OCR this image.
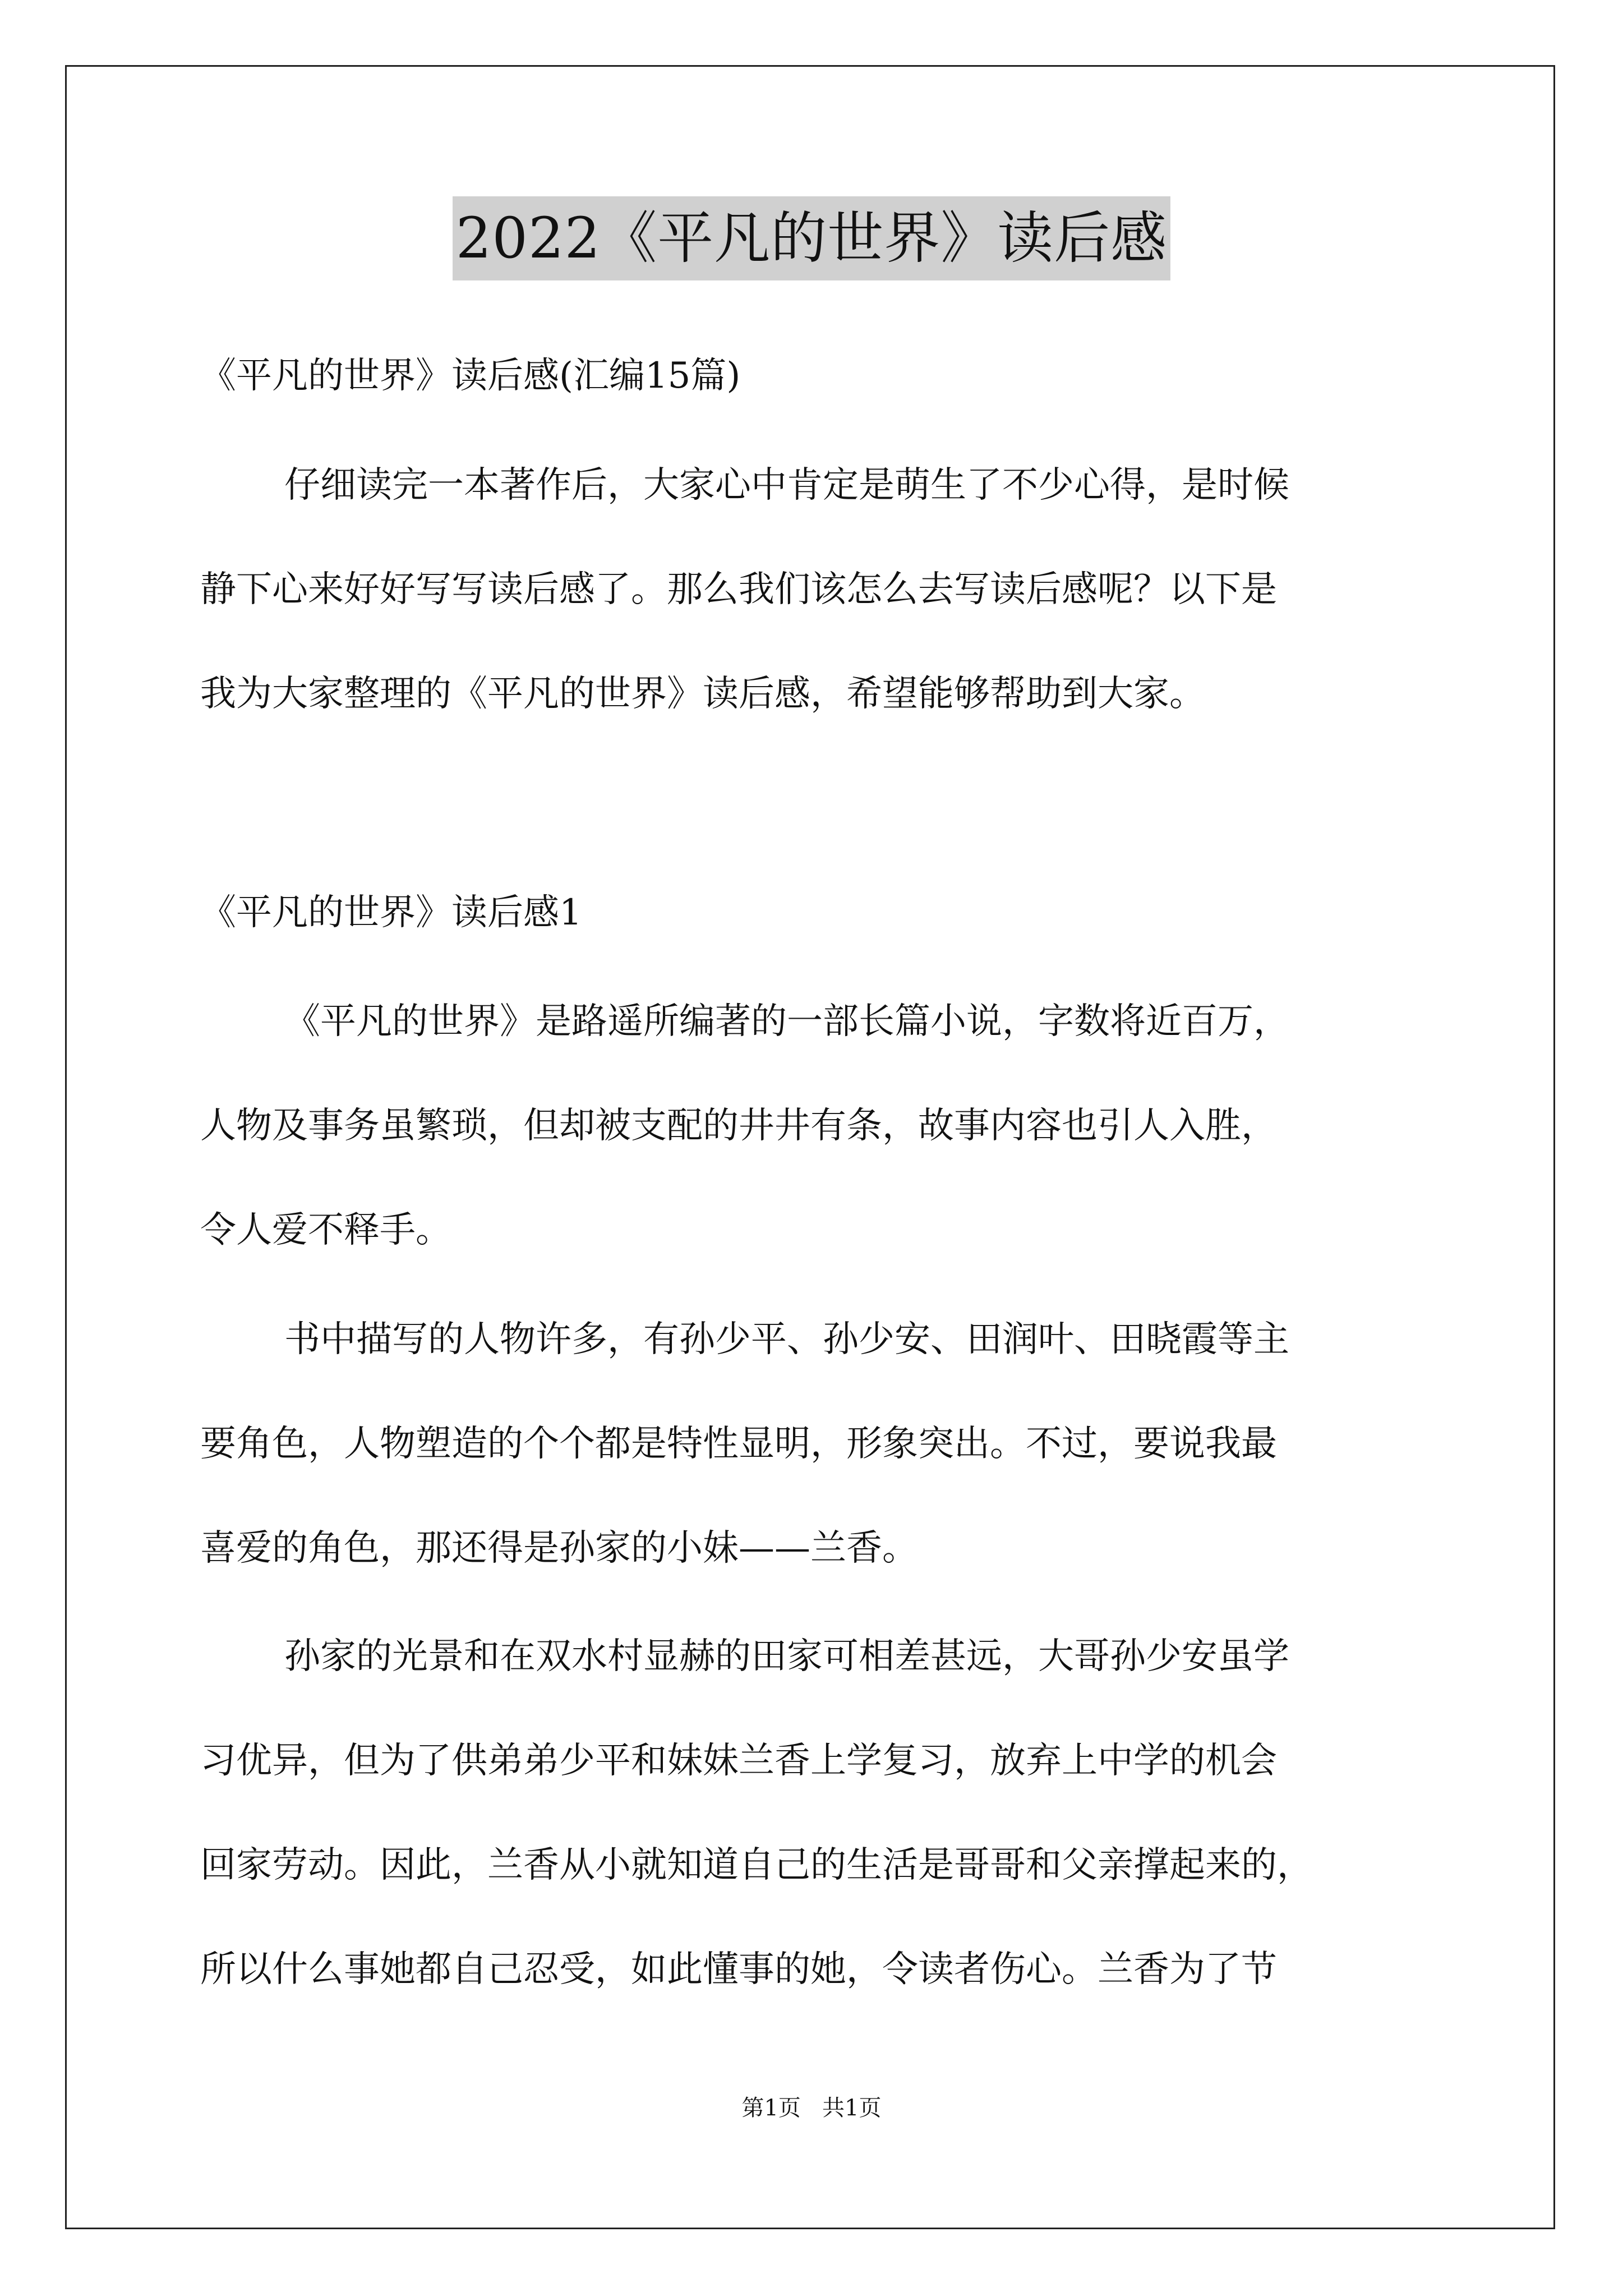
2022《平凡的世界》读后感

《平凡的世界》读后感(汇编15篇)

仔细读完一本著作后，大家心中肯定是萌生了不少心得，是时候

静下心来好好写写读后感了。那么我们该怎么去写读后感呢？以下是

我为大家整理的《平凡的世界》读后感，希望能够帮助到大家。

《平凡的世界》读后感1

《平凡的世界》是路遥所编著的一部长篇小说，字数将近百万，

人物及事务虽繁琐，但却被支配的井井有条，故事内容也引人入胜，

令人爱不释手。

书中描写的人物许多，有孙少平、孙少安、田润叶、田晓霞等主

要角色，人物塑造的个个都是特性显明，形象突出。不过，要说我最

喜爱的角色，那还得是孙家的小妹——兰香。

孙家的光景和在双水村显赫的田家可相差甚远，大哥孙少安虽学

习优异，但为了供弟弟少平和妹妹兰香上学复习，放弃上中学的机会

回家劳动。因此，兰香从小就知道自己的生活是哥哥和父亲撑起来的，

所以什么事她都自己忍受，如此懂事的她，令读者伤心。兰香为了节

第1页   共1页
